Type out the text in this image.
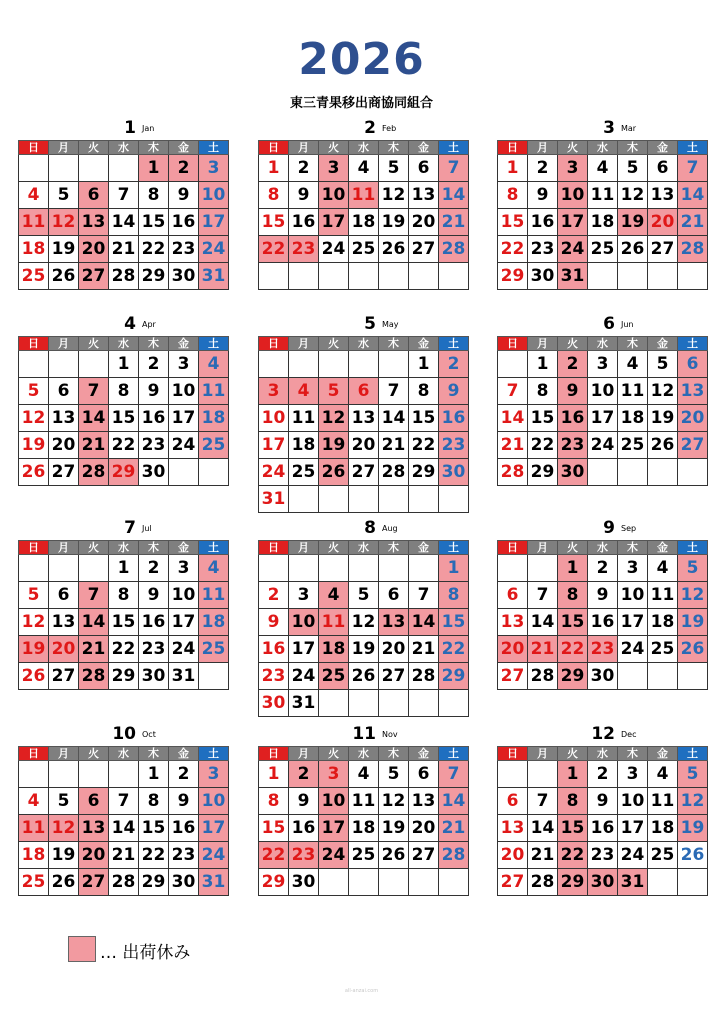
2026
東三青果移出商協同組合
1 Jan
日	月	火	水	木	金	土
				1	2	3
4	5	6	7	8	9	10
11	12	13	14	15	16	17
18	19	20	21	22	23	24
25	26	27	28	29	30	31
2 Feb
日	月	火	水	木	金	土
1	2	3	4	5	6	7
8	9	10	11	12	13	14
15	16	17	18	19	20	21
22	23	24	25	26	27	28

3 Mar
日	月	火	水	木	金	土
1	2	3	4	5	6	7
8	9	10	11	12	13	14
15	16	17	18	19	20	21
22	23	24	25	26	27	28
29	30	31				
4 Apr
日	月	火	水	木	金	土
			1	2	3	4
5	6	7	8	9	10	11
12	13	14	15	16	17	18
19	20	21	22	23	24	25
26	27	28	29	30		
5 May
日	月	火	水	木	金	土
					1	2
3	4	5	6	7	8	9
10	11	12	13	14	15	16
17	18	19	20	21	22	23
24	25	26	27	28	29	30
31						
6 Jun
日	月	火	水	木	金	土
	1	2	3	4	5	6
7	8	9	10	11	12	13
14	15	16	17	18	19	20
21	22	23	24	25	26	27
28	29	30				
7 Jul
日	月	火	水	木	金	土
			1	2	3	4
5	6	7	8	9	10	11
12	13	14	15	16	17	18
19	20	21	22	23	24	25
26	27	28	29	30	31	
8 Aug
日	月	火	水	木	金	土
						1
2	3	4	5	6	7	8
9	10	11	12	13	14	15
16	17	18	19	20	21	22
23	24	25	26	27	28	29
30	31					
9 Sep
日	月	火	水	木	金	土
		1	2	3	4	5
6	7	8	9	10	11	12
13	14	15	16	17	18	19
20	21	22	23	24	25	26
27	28	29	30			
10 Oct
日	月	火	水	木	金	土
				1	2	3
4	5	6	7	8	9	10
11	12	13	14	15	16	17
18	19	20	21	22	23	24
25	26	27	28	29	30	31
11 Nov
日	月	火	水	木	金	土
1	2	3	4	5	6	7
8	9	10	11	12	13	14
15	16	17	18	19	20	21
22	23	24	25	26	27	28
29	30					
12 Dec
日	月	火	水	木	金	土
		1	2	3	4	5
6	7	8	9	10	11	12
13	14	15	16	17	18	19
20	21	22	23	24	25	26
27	28	29	30	31		
… 出荷休み
all-anzai.com
